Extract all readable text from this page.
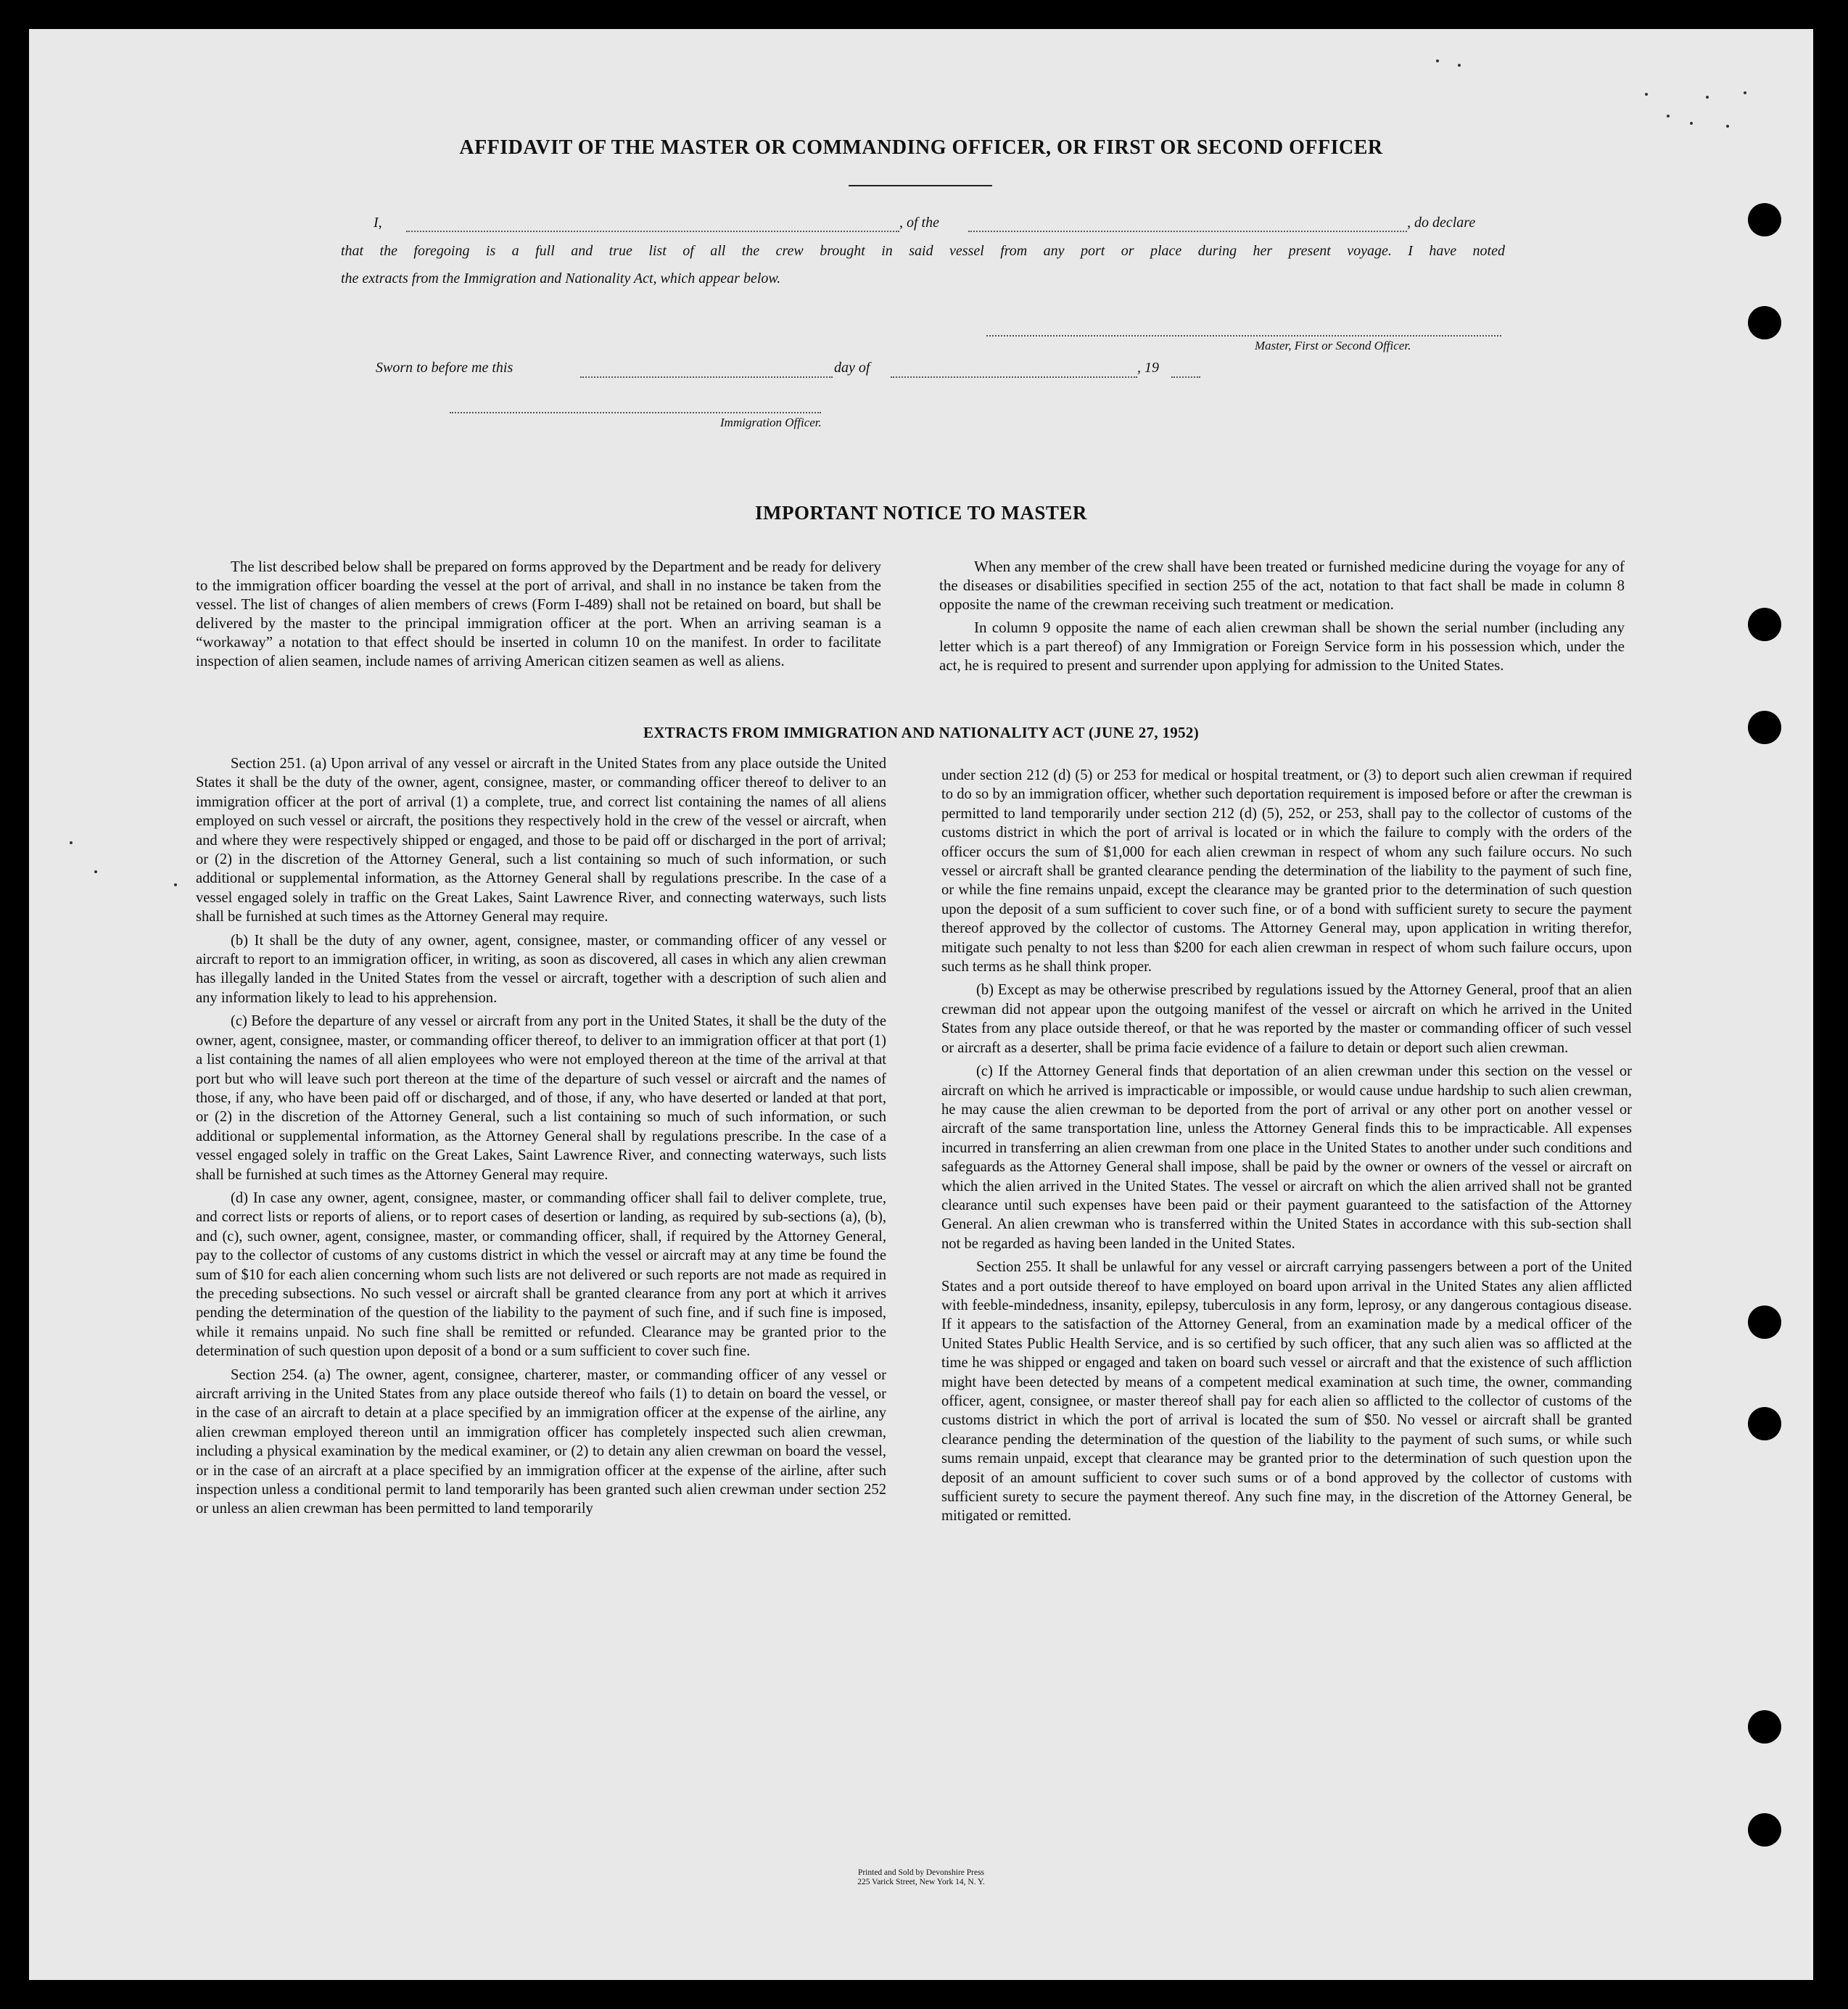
AFFIDAVIT OF THE MASTER OR COMMANDING OFFICER, OR FIRST OR SECOND OFFICER
I,	, of the	, do declare
that the foregoing is a full and true list of all the crew brought in said vessel from any port or place during her present voyage. I have noted
the extracts from the Immigration and Nationality Act, which appear below.
Master, First or Second Officer.
Sworn to before me this	day of	, 19
Immigration Officer.
IMPORTANT NOTICE TO MASTER

The list described below shall be prepared on forms approved by the Department and be ready for delivery to the immigration officer boarding the vessel at the port of arrival, and shall in no instance be taken from the vessel. The list of changes of alien members of crews (Form I-489) shall not be retained on board, but shall be delivered by the master to the principal immigration officer at the port. When an arriving seaman is a “workaway” a notation to that effect should be inserted in column 10 on the manifest. In order to facilitate inspection of alien seamen, include names of arriving American citizen seamen as well as aliens.

When any member of the crew shall have been treated or furnished medicine during the voyage for any of the diseases or disabilities specified in section 255 of the act, notation to that fact shall be made in column 8 opposite the name of the crewman receiving such treatment or medication.

In column 9 opposite the name of each alien crewman shall be shown the serial number (including any letter which is a part thereof) of any Immigration or Foreign Service form in his possession which, under the act, he is required to present and surrender upon applying for admission to the United States.

EXTRACTS FROM IMMIGRATION AND NATIONALITY ACT (JUNE 27, 1952)

Section 251. (a) Upon arrival of any vessel or aircraft in the United States from any place outside the United States it shall be the duty of the owner, agent, consignee, master, or commanding officer thereof to deliver to an immigration officer at the port of arrival (1) a complete, true, and correct list containing the names of all aliens employed on such vessel or aircraft, the positions they respectively hold in the crew of the vessel or aircraft, when and where they were respectively shipped or engaged, and those to be paid off or discharged in the port of arrival; or (2) in the discretion of the Attorney General, such a list containing so much of such information, or such additional or supplemental information, as the Attorney General shall by regulations prescribe. In the case of a vessel engaged solely in traffic on the Great Lakes, Saint Lawrence River, and connecting waterways, such lists shall be furnished at such times as the Attorney General may require.

(b) It shall be the duty of any owner, agent, consignee, master, or commanding officer of any vessel or aircraft to report to an immigration officer, in writing, as soon as discovered, all cases in which any alien crewman has illegally landed in the United States from the vessel or aircraft, together with a description of such alien and any information likely to lead to his apprehension.

(c) Before the departure of any vessel or aircraft from any port in the United States, it shall be the duty of the owner, agent, consignee, master, or commanding officer thereof, to deliver to an immigration officer at that port (1) a list containing the names of all alien employees who were not employed thereon at the time of the arrival at that port but who will leave such port thereon at the time of the departure of such vessel or aircraft and the names of those, if any, who have been paid off or discharged, and of those, if any, who have deserted or landed at that port, or (2) in the discretion of the Attorney General, such a list containing so much of such information, or such additional or supplemental information, as the Attorney General shall by regulations prescribe. In the case of a vessel engaged solely in traffic on the Great Lakes, Saint Lawrence River, and connecting waterways, such lists shall be furnished at such times as the Attorney General may require.

(d) In case any owner, agent, consignee, master, or commanding officer shall fail to deliver complete, true, and correct lists or reports of aliens, or to report cases of desertion or landing, as required by sub-sections (a), (b), and (c), such owner, agent, consignee, master, or commanding officer, shall, if required by the Attorney General, pay to the collector of customs of any customs district in which the vessel or aircraft may at any time be found the sum of $10 for each alien concerning whom such lists are not delivered or such reports are not made as required in the preceding subsections. No such vessel or aircraft shall be granted clearance from any port at which it arrives pending the determination of the question of the liability to the payment of such fine, and if such fine is imposed, while it remains unpaid. No such fine shall be remitted or refunded. Clearance may be granted prior to the determination of such question upon deposit of a bond or a sum sufficient to cover such fine.

Section 254. (a) The owner, agent, consignee, charterer, master, or commanding officer of any vessel or aircraft arriving in the United States from any place outside thereof who fails (1) to detain on board the vessel, or in the case of an aircraft to detain at a place specified by an immigration officer at the expense of the airline, any alien crewman employed thereon until an immigration officer has completely inspected such alien crewman, including a physical examination by the medical examiner, or (2) to detain any alien crewman on board the vessel, or in the case of an aircraft at a place specified by an immigration officer at the expense of the airline, after such inspection unless a conditional permit to land temporarily has been granted such alien crewman under section 252 or unless an alien crewman has been permitted to land temporarily

under section 212 (d) (5) or 253 for medical or hospital treatment, or (3) to deport such alien crewman if required to do so by an immigration officer, whether such deportation requirement is imposed before or after the crewman is permitted to land temporarily under section 212 (d) (5), 252, or 253, shall pay to the collector of customs of the customs district in which the port of arrival is located or in which the failure to comply with the orders of the officer occurs the sum of $1,000 for each alien crewman in respect of whom any such failure occurs. No such vessel or aircraft shall be granted clearance pending the determination of the liability to the payment of such fine, or while the fine remains unpaid, except the clearance may be granted prior to the determination of such question upon the deposit of a sum sufficient to cover such fine, or of a bond with sufficient surety to secure the payment thereof approved by the collector of customs. The Attorney General may, upon application in writing therefor, mitigate such penalty to not less than $200 for each alien crewman in respect of whom such failure occurs, upon such terms as he shall think proper.

(b) Except as may be otherwise prescribed by regulations issued by the Attorney General, proof that an alien crewman did not appear upon the outgoing manifest of the vessel or aircraft on which he arrived in the United States from any place outside thereof, or that he was reported by the master or commanding officer of such vessel or aircraft as a deserter, shall be prima facie evidence of a failure to detain or deport such alien crewman.

(c) If the Attorney General finds that deportation of an alien crewman under this section on the vessel or aircraft on which he arrived is impracticable or impossible, or would cause undue hardship to such alien crewman, he may cause the alien crewman to be deported from the port of arrival or any other port on another vessel or aircraft of the same transportation line, unless the Attorney General finds this to be impracticable. All expenses incurred in transferring an alien crewman from one place in the United States to another under such conditions and safeguards as the Attorney General shall impose, shall be paid by the owner or owners of the vessel or aircraft on which the alien arrived in the United States. The vessel or aircraft on which the alien arrived shall not be granted clearance until such expenses have been paid or their payment guaranteed to the satisfaction of the Attorney General. An alien crewman who is transferred within the United States in accordance with this sub-section shall not be regarded as having been landed in the United States.

Section 255. It shall be unlawful for any vessel or aircraft carrying passengers between a port of the United States and a port outside thereof to have employed on board upon arrival in the United States any alien afflicted with feeble-mindedness, insanity, epilepsy, tuberculosis in any form, leprosy, or any dangerous contagious disease. If it appears to the satisfaction of the Attorney General, from an examination made by a medical officer of the United States Public Health Service, and is so certified by such officer, that any such alien was so afflicted at the time he was shipped or engaged and taken on board such vessel or aircraft and that the existence of such affliction might have been detected by means of a competent medical examination at such time, the owner, commanding officer, agent, consignee, or master thereof shall pay for each alien so afflicted to the collector of customs of the customs district in which the port of arrival is located the sum of $50. No vessel or aircraft shall be granted clearance pending the determination of the question of the liability to the payment of such sums, or while such sums remain unpaid, except that clearance may be granted prior to the determination of such question upon the deposit of an amount sufficient to cover such sums or of a bond approved by the collector of customs with sufficient surety to secure the payment thereof. Any such fine may, in the discretion of the Attorney General, be mitigated or remitted.

Printed and Sold by Devonshire Press
225 Varick Street, New York 14, N. Y.
